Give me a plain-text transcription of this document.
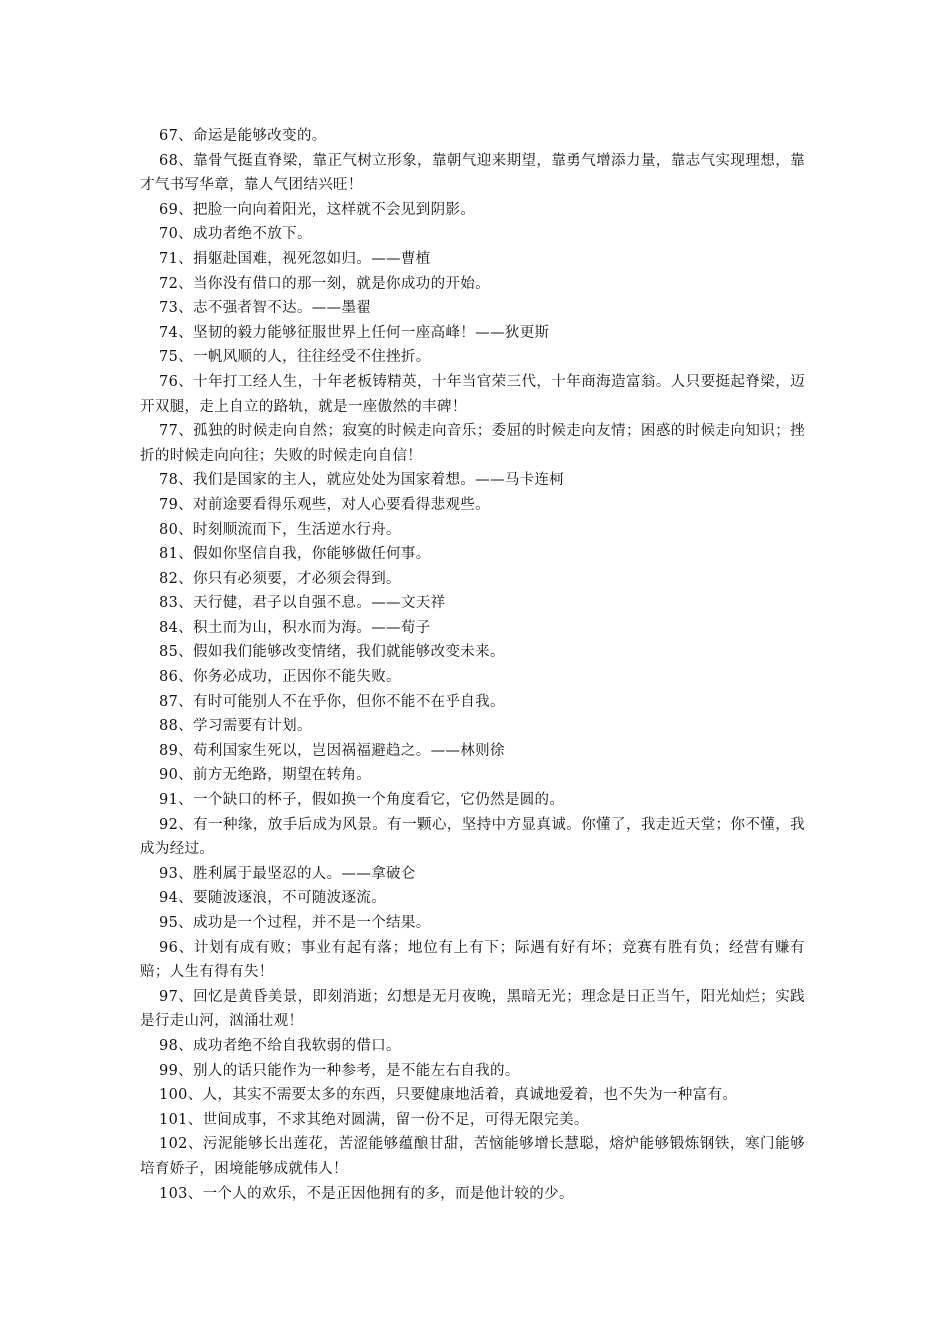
67、命运是能够改变的。

68、靠骨气挺直脊梁，靠正气树立形象，靠朝气迎来期望，靠勇气增添力量，靠志气实现理想，靠才气书写华章，靠人气团结兴旺！

69、把脸一向向着阳光，这样就不会见到阴影。

70、成功者绝不放下。

71、捐躯赴国难，视死忽如归。——曹植

72、当你没有借口的那一刻，就是你成功的开始。

73、志不强者智不达。——墨翟

74、坚韧的毅力能够征服世界上任何一座高峰！——狄更斯

75、一帆风顺的人，往往经受不住挫折。

76、十年打工经人生，十年老板铸精英，十年当官荣三代，十年商海造富翁。人只要挺起脊梁，迈开双腿，走上自立的路轨，就是一座傲然的丰碑！

77、孤独的时候走向自然；寂寞的时候走向音乐；委屈的时候走向友情；困惑的时候走向知识；挫折的时候走向向往；失败的时候走向自信！

78、我们是国家的主人，就应处处为国家着想。——马卡连柯

79、对前途要看得乐观些，对人心要看得悲观些。

80、时刻顺流而下，生活逆水行舟。

81、假如你坚信自我，你能够做任何事。

82、你只有必须要，才必须会得到。

83、天行健，君子以自强不息。——文天祥

84、积土而为山，积水而为海。——荀子

85、假如我们能够改变情绪，我们就能够改变未来。

86、你务必成功，正因你不能失败。

87、有时可能别人不在乎你，但你不能不在乎自我。

88、学习需要有计划。

89、苟利国家生死以，岂因祸福避趋之。——林则徐

90、前方无绝路，期望在转角。

91、一个缺口的杯子，假如换一个角度看它，它仍然是圆的。

92、有一种缘，放手后成为风景。有一颗心，坚持中方显真诚。你懂了，我走近天堂；你不懂，我成为经过。

93、胜利属于最坚忍的人。——拿破仑

94、要随波逐浪，不可随波逐流。

95、成功是一个过程，并不是一个结果。

96、计划有成有败；事业有起有落；地位有上有下；际遇有好有坏；竞赛有胜有负；经营有赚有赔；人生有得有失！

97、回忆是黄昏美景，即刻消逝；幻想是无月夜晚，黑暗无光；理念是日正当午，阳光灿烂；实践是行走山河，汹涌壮观！

98、成功者绝不给自我软弱的借口。

99、别人的话只能作为一种参考，是不能左右自我的。

100、人，其实不需要太多的东西，只要健康地活着，真诚地爱着，也不失为一种富有。

101、世间成事，不求其绝对圆满，留一份不足，可得无限完美。

102、污泥能够长出莲花，苦涩能够蕴酿甘甜，苦恼能够增长慧聪，熔炉能够锻炼钢铁，寒门能够培育娇子，困境能够成就伟人！

103、一个人的欢乐，不是正因他拥有的多，而是他计较的少。
